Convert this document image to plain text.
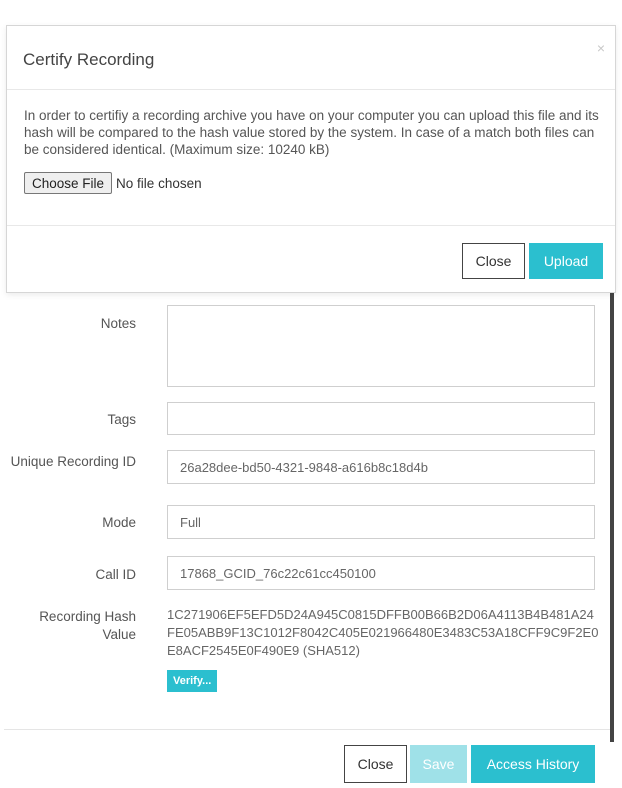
Notes
Tags
Unique Recording ID	26a28dee-bd50-4321-9848-a616b8c18d4b
Mode	Full
Call ID	17868_GCID_76c22c61cc450100
Recording Hash Value
1C271906EF5EFD5D24A945C0815DFFB00B66B2D06A4113B4B481A24FE05ABB9F13C1012F8042C405E021966480E3483C53A18CFF9C9F2E0E8ACF2545E0F490E9 (SHA512)
Verify...
Close	Save	Access History
Certify Recording
×
In order to certifiy a recording archive you have on your computer you can upload this file and its hash will be compared to the hash value stored by the system. In case of a match both files can be considered identical. (Maximum size: 10240 kB)
Choose File No file chosen
Close	Upload
